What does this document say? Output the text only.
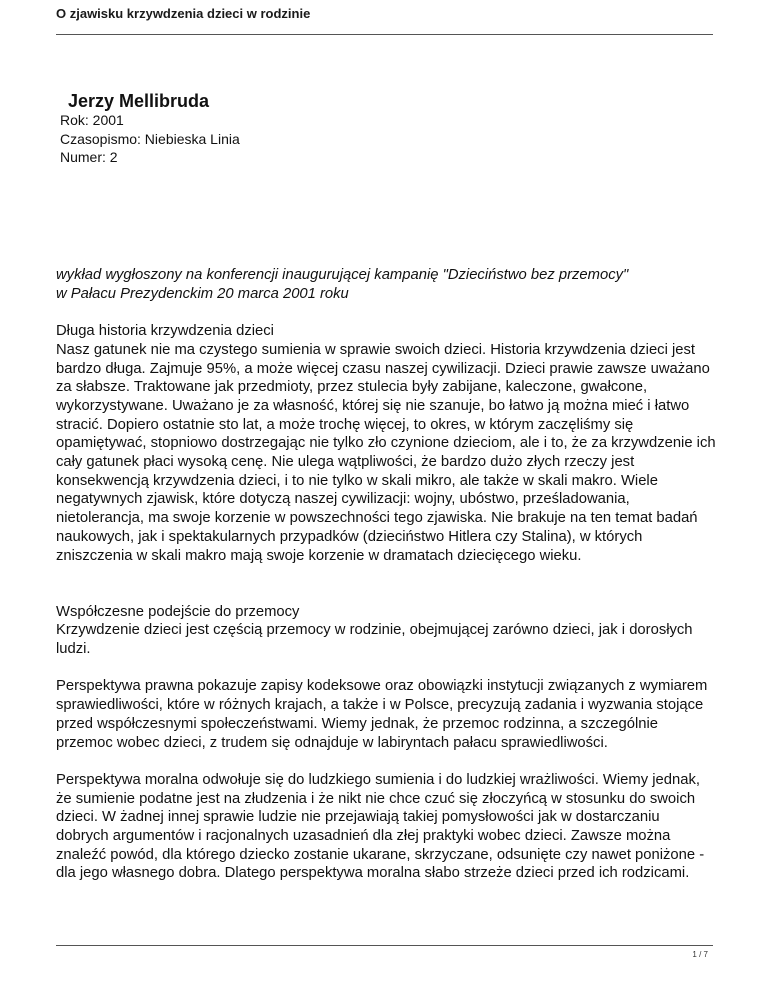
O zjawisku krzywdzenia dzieci w rodzinie
Jerzy Mellibruda
Rok: 2001
Czasopismo: Niebieska Linia
Numer: 2

wykład wygłoszony na konferencji inaugurującej kampanię "Dzieciństwo bez przemocy"
w Pałacu Prezydenckim 20 marca 2001 roku

Długa historia krzywdzenia dzieci
Nasz gatunek nie ma czystego sumienia w sprawie swoich dzieci. Historia krzywdzenia dzieci jest bardzo długa. Zajmuje 95%, a może więcej czasu naszej cywilizacji. Dzieci prawie zawsze uważano za słabsze. Traktowane jak przedmioty, przez stulecia były zabijane, kaleczone, gwałcone, wykorzystywane. Uważano je za własność, której się nie szanuje, bo łatwo ją można mieć i łatwo stracić. Dopiero ostatnie sto lat, a może trochę więcej, to okres, w którym zaczęliśmy się opamiętywać, stopniowo dostrzegając nie tylko zło czynione dzieciom, ale i to, że za krzywdzenie ich cały gatunek płaci wysoką cenę. Nie ulega wątpliwości, że bardzo dużo złych rzeczy jest konsekwencją krzywdzenia dzieci, i to nie tylko w skali mikro, ale także w skali makro. Wiele negatywnych zjawisk, które dotyczą naszej cywilizacji: wojny, ubóstwo, prześladowania, nietolerancja, ma swoje korzenie w powszechności tego zjawiska. Nie brakuje na ten temat badań naukowych, jak i spektakularnych przypadków (dzieciństwo Hitlera czy Stalina), w których zniszczenia w skali makro mają swoje korzenie w dramatach dziecięcego wieku.

Współczesne podejście do przemocy
Krzywdzenie dzieci jest częścią przemocy w rodzinie, obejmującej zarówno dzieci, jak i dorosłych ludzi.

Perspektywa prawna pokazuje zapisy kodeksowe oraz obowiązki instytucji związanych z wymiarem sprawiedliwości, które w różnych krajach, a także i w Polsce, precyzują zadania i wyzwania stojące przed współczesnymi społeczeństwami. Wiemy jednak, że przemoc rodzinna, a szczególnie przemoc wobec dzieci, z trudem się odnajduje w labiryntach pałacu sprawiedliwości.

Perspektywa moralna odwołuje się do ludzkiego sumienia i do ludzkiej wrażliwości. Wiemy jednak, że sumienie podatne jest na złudzenia i że nikt nie chce czuć się złoczyńcą w stosunku do swoich dzieci. W żadnej innej sprawie ludzie nie przejawiają takiej pomysłowości jak w dostarczaniu dobrych argumentów i racjonalnych uzasadnień dla złej praktyki wobec dzieci. Zawsze można znaleźć powód, dla którego dziecko zostanie ukarane, skrzyczane, odsunięte czy nawet poniżone - dla jego własnego dobra. Dlatego perspektywa moralna słabo strzeże dzieci przed ich rodzicami.

1 / 7
